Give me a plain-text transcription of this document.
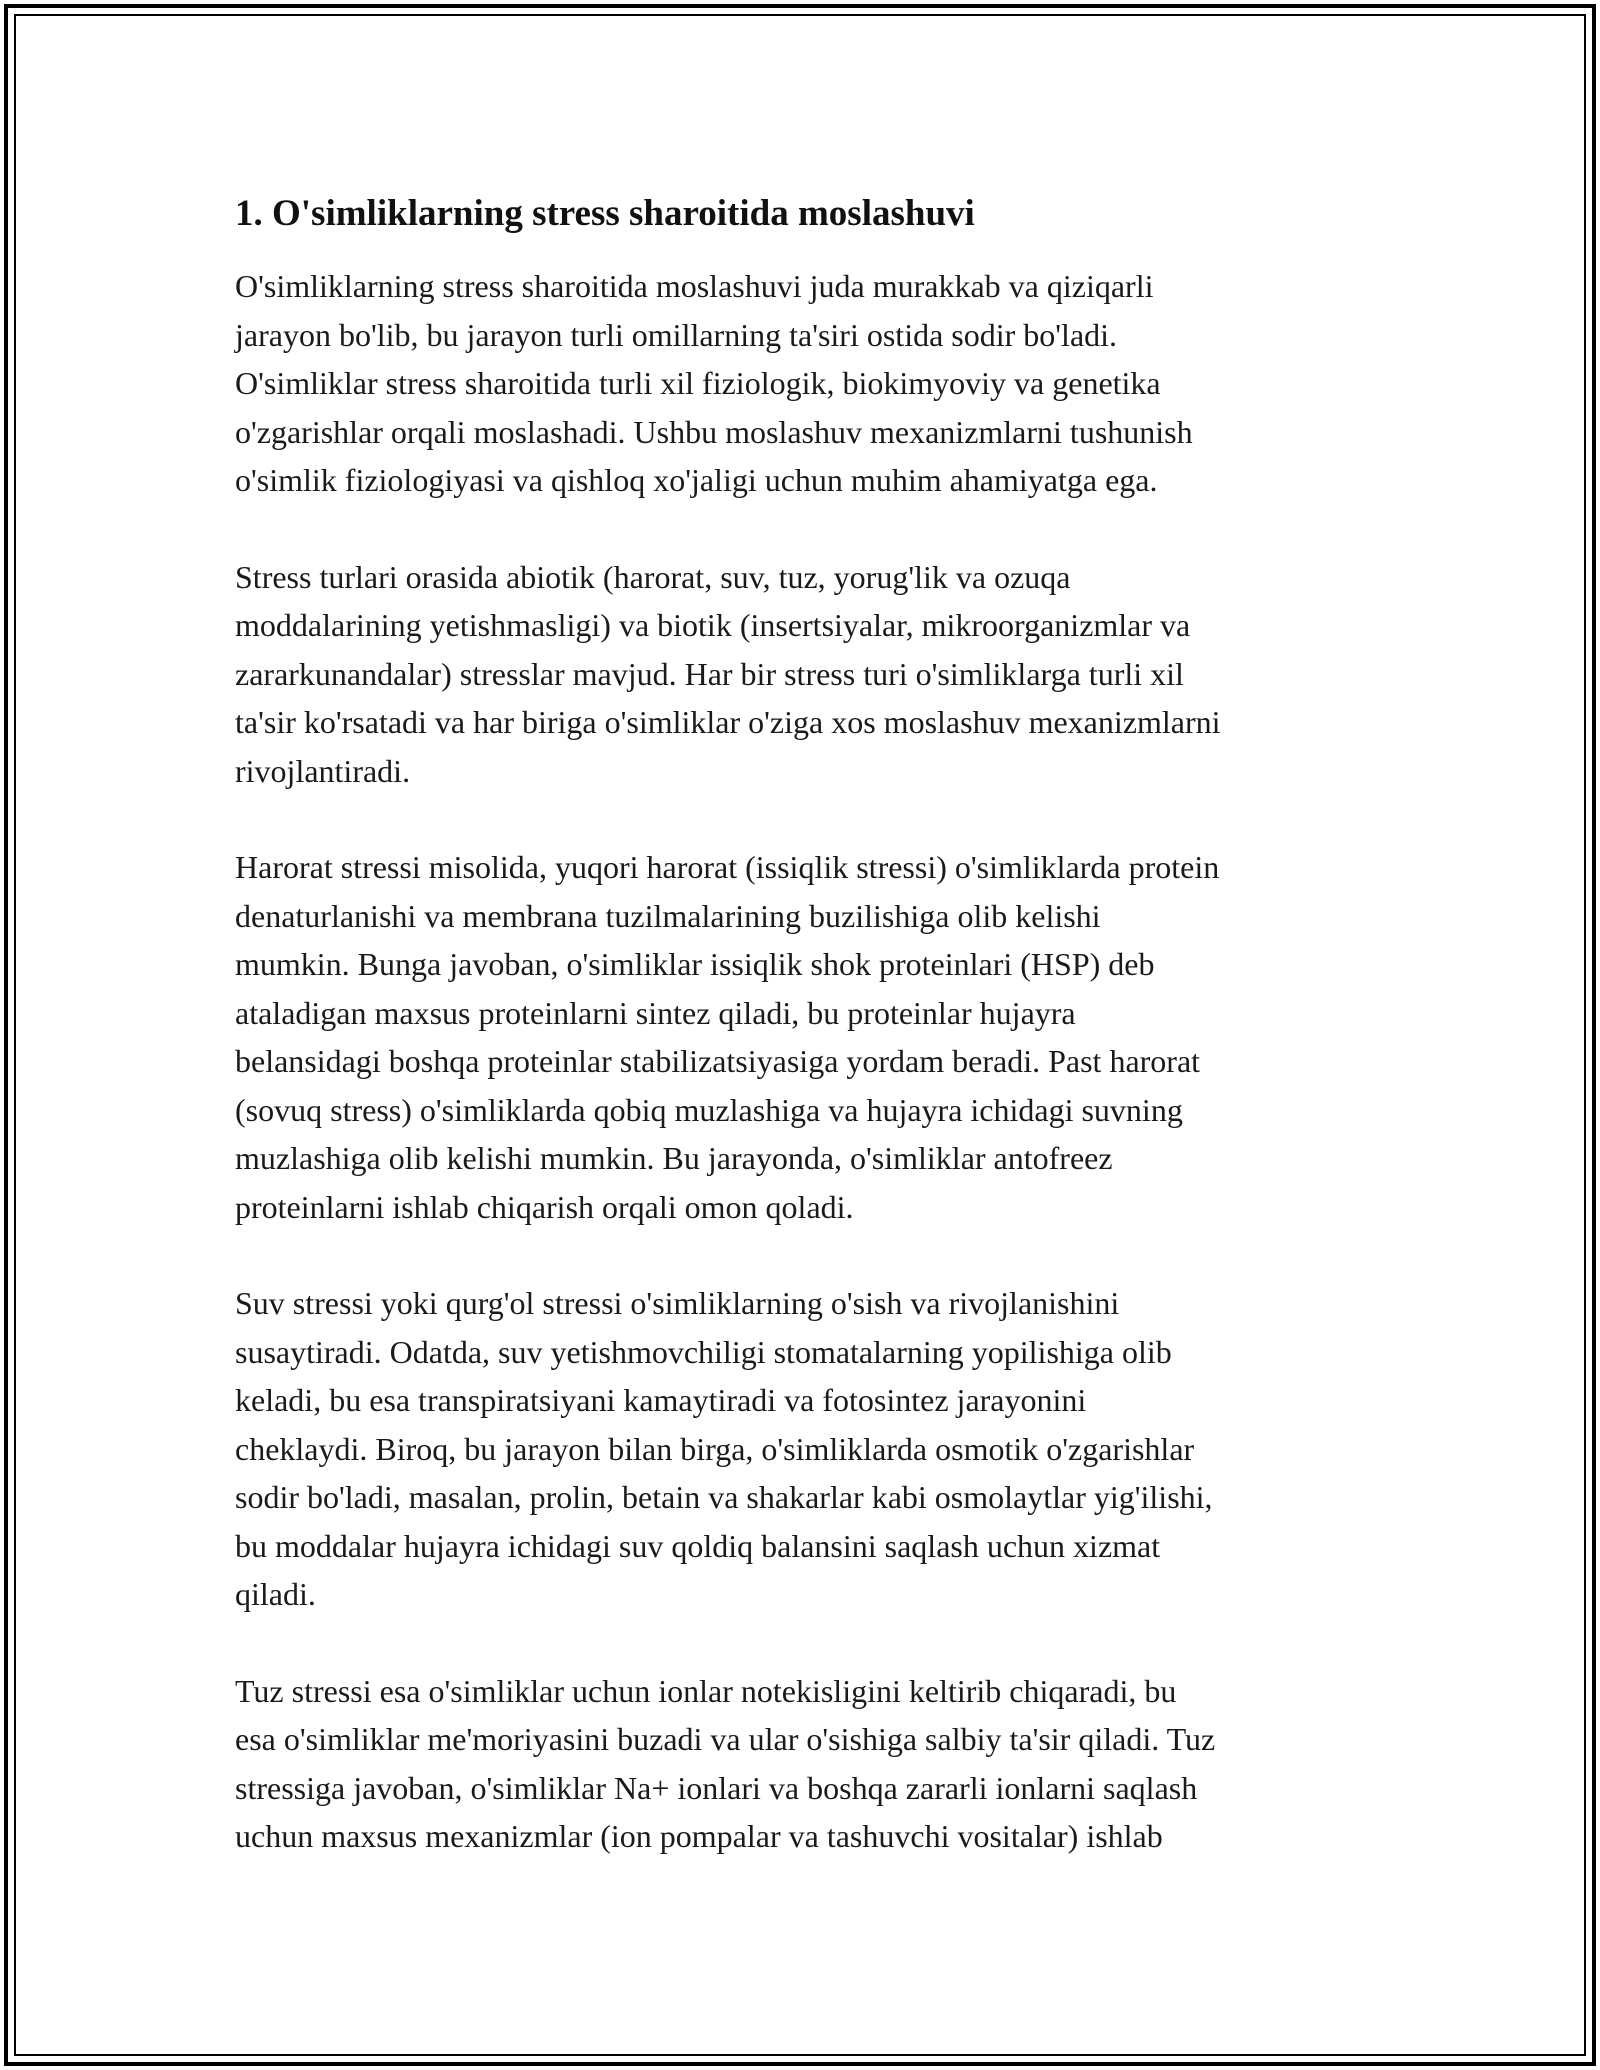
1. O'simliklarning stress sharoitida moslashuvi

O'simliklarning stress sharoitida moslashuvi juda murakkab va qiziqarli
jarayon bo'lib, bu jarayon turli omillarning ta'siri ostida sodir bo'ladi.
O'simliklar stress sharoitida turli xil fiziologik, biokimyoviy va genetika
o'zgarishlar orqali moslashadi. Ushbu moslashuv mexanizmlarni tushunish
o'simlik fiziologiyasi va qishloq xo'jaligi uchun muhim ahamiyatga ega.

Stress turlari orasida abiotik (harorat, suv, tuz, yorug'lik va ozuqa
moddalarining yetishmasligi) va biotik (insertsiyalar, mikroorganizmlar va
zararkunandalar) stresslar mavjud. Har bir stress turi o'simliklarga turli xil
ta'sir ko'rsatadi va har biriga o'simliklar o'ziga xos moslashuv mexanizmlarni
rivojlantiradi.

Harorat stressi misolida, yuqori harorat (issiqlik stressi) o'simliklarda protein
denaturlanishi va membrana tuzilmalarining buzilishiga olib kelishi
mumkin. Bunga javoban, o'simliklar issiqlik shok proteinlari (HSP) deb
ataladigan maxsus proteinlarni sintez qiladi, bu proteinlar hujayra
belansidagi boshqa proteinlar stabilizatsiyasiga yordam beradi. Past harorat
(sovuq stress) o'simliklarda qobiq muzlashiga va hujayra ichidagi suvning
muzlashiga olib kelishi mumkin. Bu jarayonda, o'simliklar antofreez
proteinlarni ishlab chiqarish orqali omon qoladi.

Suv stressi yoki qurg'ol stressi o'simliklarning o'sish va rivojlanishini
susaytiradi. Odatda, suv yetishmovchiligi stomatalarning yopilishiga olib
keladi, bu esa transpiratsiyani kamaytiradi va fotosintez jarayonini
cheklaydi. Biroq, bu jarayon bilan birga, o'simliklarda osmotik o'zgarishlar
sodir bo'ladi, masalan, prolin, betain va shakarlar kabi osmolaytlar yig'ilishi,
bu moddalar hujayra ichidagi suv qoldiq balansini saqlash uchun xizmat
qiladi.

Tuz stressi esa o'simliklar uchun ionlar notekisligini keltirib chiqaradi, bu
esa o'simliklar me'moriyasini buzadi va ular o'sishiga salbiy ta'sir qiladi. Tuz
stressiga javoban, o'simliklar Na+ ionlari va boshqa zararli ionlarni saqlash
uchun maxsus mexanizmlar (ion pompalar va tashuvchi vositalar) ishlab
